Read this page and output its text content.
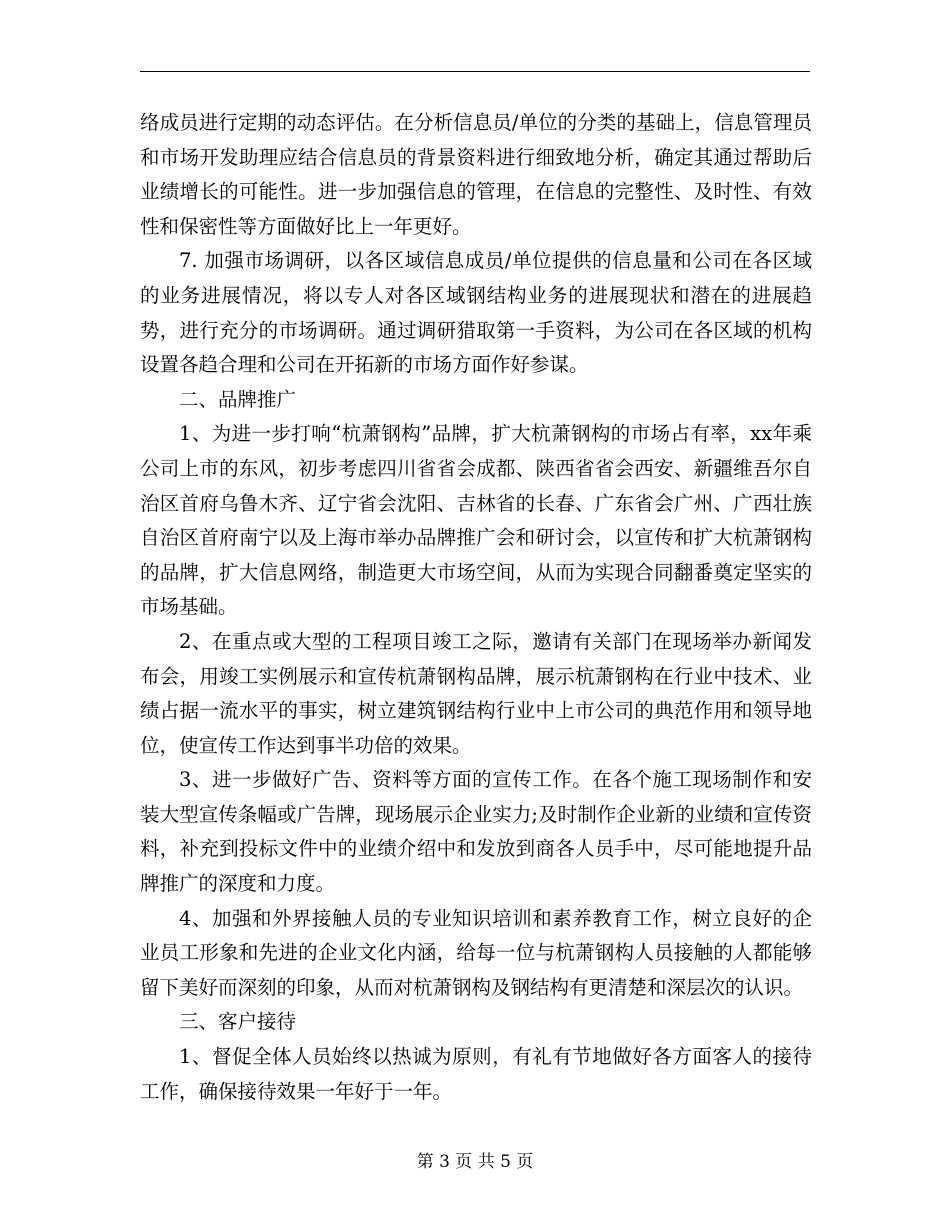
络成员进行定期的动态评估。在分析信息员/单位的分类的基础上，信息管理员和市场开发助理应结合信息员的背景资料进行细致地分析，确定其通过帮助后业绩增长的可能性。进一步加强信息的管理，在信息的完整性、及时性、有效性和保密性等方面做好比上一年更好。

7. 加强市场调研，以各区域信息成员/单位提供的信息量和公司在各区域的业务进展情况，将以专人对各区域钢结构业务的进展现状和潜在的进展趋势，进行充分的市场调研。通过调研猎取第一手资料，为公司在各区域的机构设置各趋合理和公司在开拓新的市场方面作好参谋。

二、品牌推广

1、为进一步打响“杭萧钢构”品牌，扩大杭萧钢构的市场占有率，xx年乘公司上市的东风，初步考虑四川省省会成都、陕西省省会西安、新疆维吾尔自治区首府乌鲁木齐、辽宁省会沈阳、吉林省的长春、广东省会广州、广西壮族自治区首府南宁以及上海市举办品牌推广会和研讨会，以宣传和扩大杭萧钢构的品牌，扩大信息网络，制造更大市场空间，从而为实现合同翻番奠定坚实的市场基础。

2、在重点或大型的工程项目竣工之际，邀请有关部门在现场举办新闻发布会，用竣工实例展示和宣传杭萧钢构品牌，展示杭萧钢构在行业中技术、业绩占据一流水平的事实，树立建筑钢结构行业中上市公司的典范作用和领导地位，使宣传工作达到事半功倍的效果。

3、进一步做好广告、资料等方面的宣传工作。在各个施工现场制作和安装大型宣传条幅或广告牌，现场展示企业实力;及时制作企业新的业绩和宣传资料，补充到投标文件中的业绩介绍中和发放到商各人员手中，尽可能地提升品牌推广的深度和力度。

4、加强和外界接触人员的专业知识培训和素养教育工作，树立良好的企业员工形象和先进的企业文化内涵，给每一位与杭萧钢构人员接触的人都能够留下美好而深刻的印象，从而对杭萧钢构及钢结构有更清楚和深层次的认识。

三、客户接待

1、督促全体人员始终以热诚为原则，有礼有节地做好各方面客人的接待工作，确保接待效果一年好于一年。

第 3 页 共 5 页
